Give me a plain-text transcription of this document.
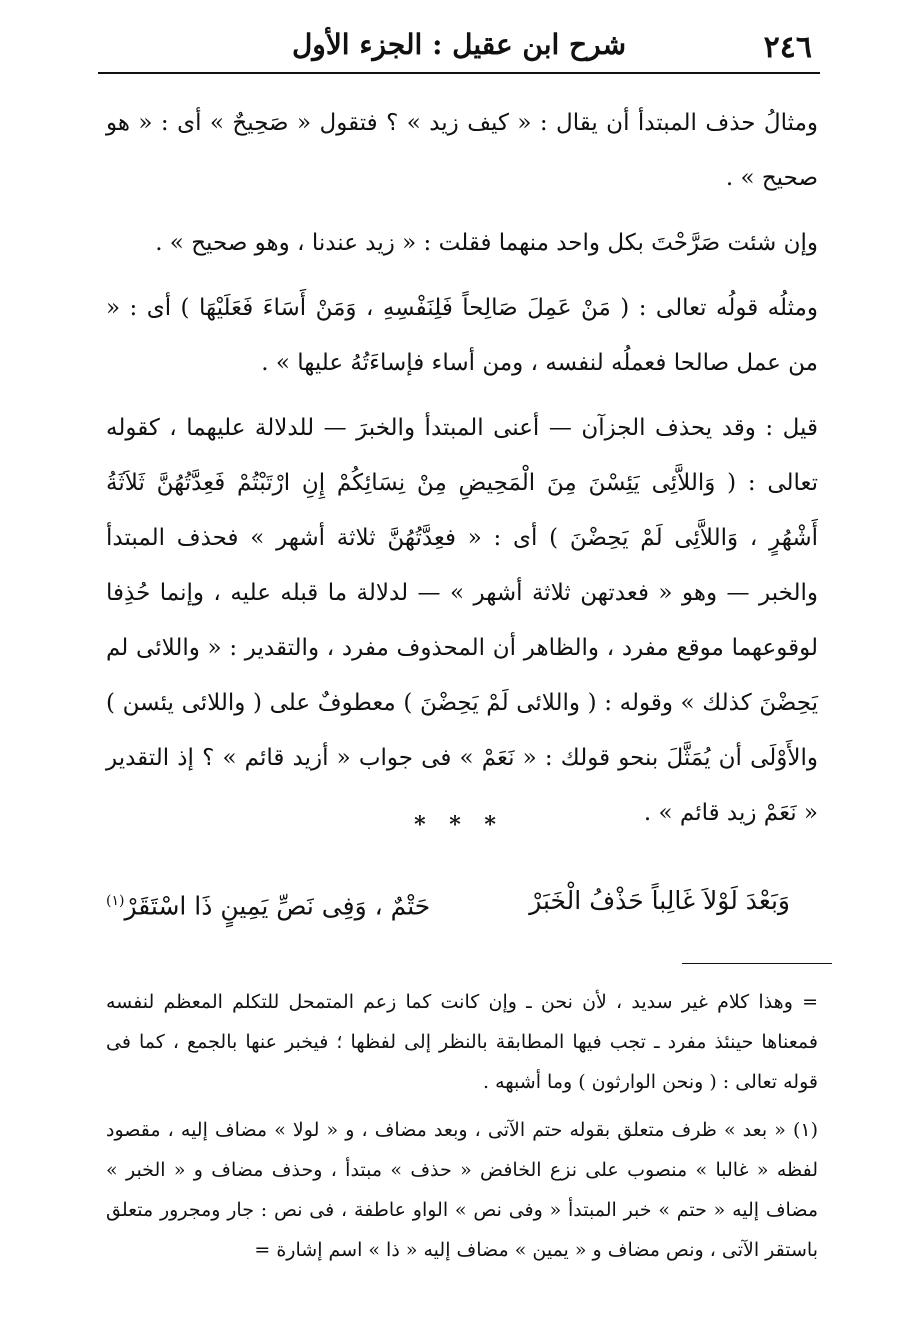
٢٤٦
شرح ابن عقيل : الجزء الأول

ومثالُ حذف المبتدأ أن يقال : « كيف زيد » ؟ فتقول « صَحِيحٌ » أى : « هو صحيح » .

وإن شئت صَرَّحْتَ بكل واحد منهما فقلت : « زيد عندنا ، وهو صحيح » .

ومثلُه قولُه تعالى : ( مَنْ عَمِلَ صَالِحاً فَلِنَفْسِهِ ، وَمَنْ أَسَاءَ فَعَلَيْهَا ) أى : « من عمل صالحا فعملُه لنفسه ، ومن أساء فإساءَتُهُ عليها » .

قيل : وقد يحذف الجزآن — أعنى المبتدأ والخبرَ — للدلالة عليهما ، كقوله تعالى : ( وَاللاَّئِى يَئِسْنَ مِنَ الْمَحِيضِ مِنْ نِسَائِكُمْ إِنِ ارْتَبْتُمْ فَعِدَّتُهُنَّ ثَلاَثَةُ أَشْهُرٍ ، وَاللاَّئِى لَمْ يَحِضْنَ ) أى : « فعِدَّتُهُنَّ ثلاثة أشهر » فحذف المبتدأ والخبر — وهو « فعدتهن ثلاثة أشهر » — لدلالة ما قبله عليه ، وإنما حُذِفا لوقوعهما موقع مفرد ، والظاهر أن المحذوف مفرد ، والتقدير : « واللائى لم يَحِضْنَ كذلك » وقوله : ( واللائى لَمْ يَحِضْنَ ) معطوفٌ على ( واللائى يئسن ) والأَوْلَى أن يُمَثَّلَ بنحو قولك : « نَعَمْ » فى جواب « أزيد قائم » ؟ إذ التقدير « نَعَمْ زيد قائم » .

* * *
وَبَعْدَ لَوْلاَ غَالِباً حَذْفُ الْخَبَرْ
حَتْمٌ ، وَفِى نَصِّ يَمِينٍ ذَا اسْتَقَرْ$^{(١)}$

= وهذا كلام غير سديد ، لأن نحن ـ وإن كانت كما زعم المتمحل للتكلم المعظم لنفسه فمعناها حينئذ مفرد ـ تجب فيها المطابقة بالنظر إلى لفظها ؛ فيخبر عنها بالجمع ، كما فى قوله تعالى : ( ونحن الوارثون ) وما أشبهه .

(١) « بعد » ظرف متعلق بقوله حتم الآتى ، وبعد مضاف ، و « لولا » مضاف إليه ، مقصود لفظه « غالبا » منصوب على نزع الخافض « حذف » مبتدأ ، وحذف مضاف و « الخبر » مضاف إليه « حتم » خبر المبتدأ « وفى نص » الواو عاطفة ، فى نص : جار ومجرور متعلق باستقر الآتى ، ونص مضاف و « يمين » مضاف إليه « ذا » اسم إشارة =
